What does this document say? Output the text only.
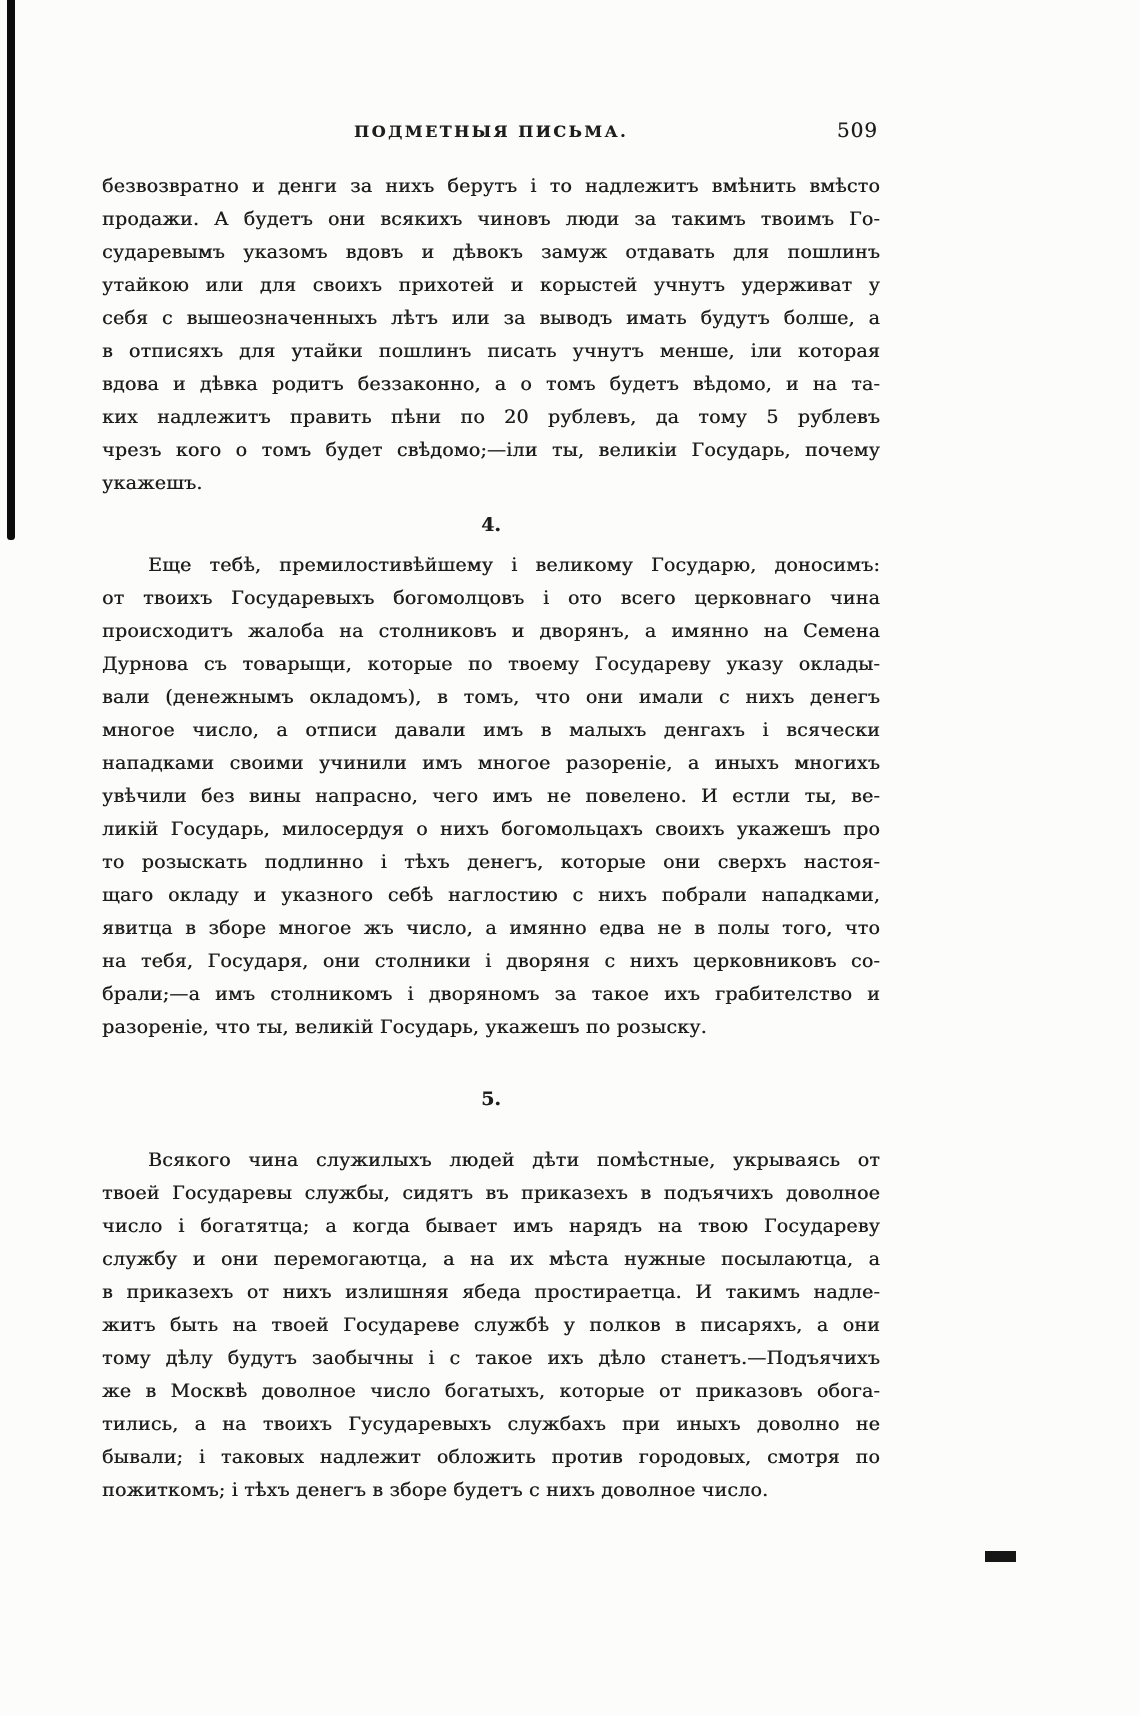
ПОДМЕТНЫЯ ПИСЬМА.	509
безвозвратно и денги за нихъ берутъ і то надлежитъ вмѣнить вмѣсто
продажи. А будетъ они всякихъ чиновъ люди за такимъ твоимъ Го-
сударевымъ указомъ вдовъ и дѣвокъ замуж отдавать для пошлинъ
утайкою или для своихъ прихотей и корыстей учнутъ удерживат у
себя с вышеозначенныхъ лѣтъ или за выводъ имать будутъ болше, а
в отписяхъ для утайки пошлинъ писать учнутъ менше, іли которая
вдова и дѣвка родитъ беззаконно, а о томъ будетъ вѣдомо, и на та-
ких надлежитъ править пѣни по 20 рублевъ, да тому 5 рублевъ
чрезъ кого о томъ будет свѣдомо;—іли ты, великіи Государь, почему
укажешъ.
4.
Еще тебѣ, премилостивѣйшему і великому Государю, доносимъ:
от твоихъ Государевыхъ богомолцовъ і ото всего церковнаго чина
происходитъ жалоба на столниковъ и дворянъ, а имянно на Семена
Дурнова съ товарыщи, которые по твоему Государеву указу оклады-
вали (денежнымъ окладомъ), в томъ, что они имали с нихъ денегъ
многое число, а отписи давали имъ в малыхъ денгахъ і всячески
нападками своими учинили имъ многое разореніе, а иныхъ многихъ
увѣчили без вины напрасно, чего имъ не повелено. И естли ты, ве-
ликій Государь, милосердуя о нихъ богомольцахъ своихъ укажешъ про
то розыскать подлинно і тѣхъ денегъ, которые они сверхъ настоя-
щаго окладу и указного себѣ наглостию с нихъ побрали нападками,
явитца в зборе многое жъ число, а имянно едва не в полы того, что
на тебя, Государя, они столники і дворяня с нихъ церковниковъ со-
брали;—а имъ столникомъ і дворяномъ за такое ихъ грабителство и
разореніе, что ты, великій Государь, укажешъ по розыску.
5.
Всякого чина служилыхъ людей дѣти помѣстные, укрываясь от
твоей Государевы службы, сидятъ въ приказехъ в подъячихъ доволное
число і богатятца; а когда бывает имъ нарядъ на твою Государеву
службу и они перемогаютца, а на их мѣста нужные посылаютца, а
в приказехъ от нихъ излишняя ябеда простираетца. И такимъ надле-
житъ быть на твоей Государеве службѣ у полков в писаряхъ, а они
тому дѣлу будутъ заобычны і с такое ихъ дѣло станетъ.—Подъячихъ
же в Москвѣ доволное число богатыхъ, которые от приказовъ обога-
тились, а на твоихъ Гусударевыхъ службахъ при иныхъ доволно не
бывали; і таковых надлежит обложить против городовых, смотря по
пожиткомъ; і тѣхъ денегъ в зборе будетъ с нихъ доволное число.
